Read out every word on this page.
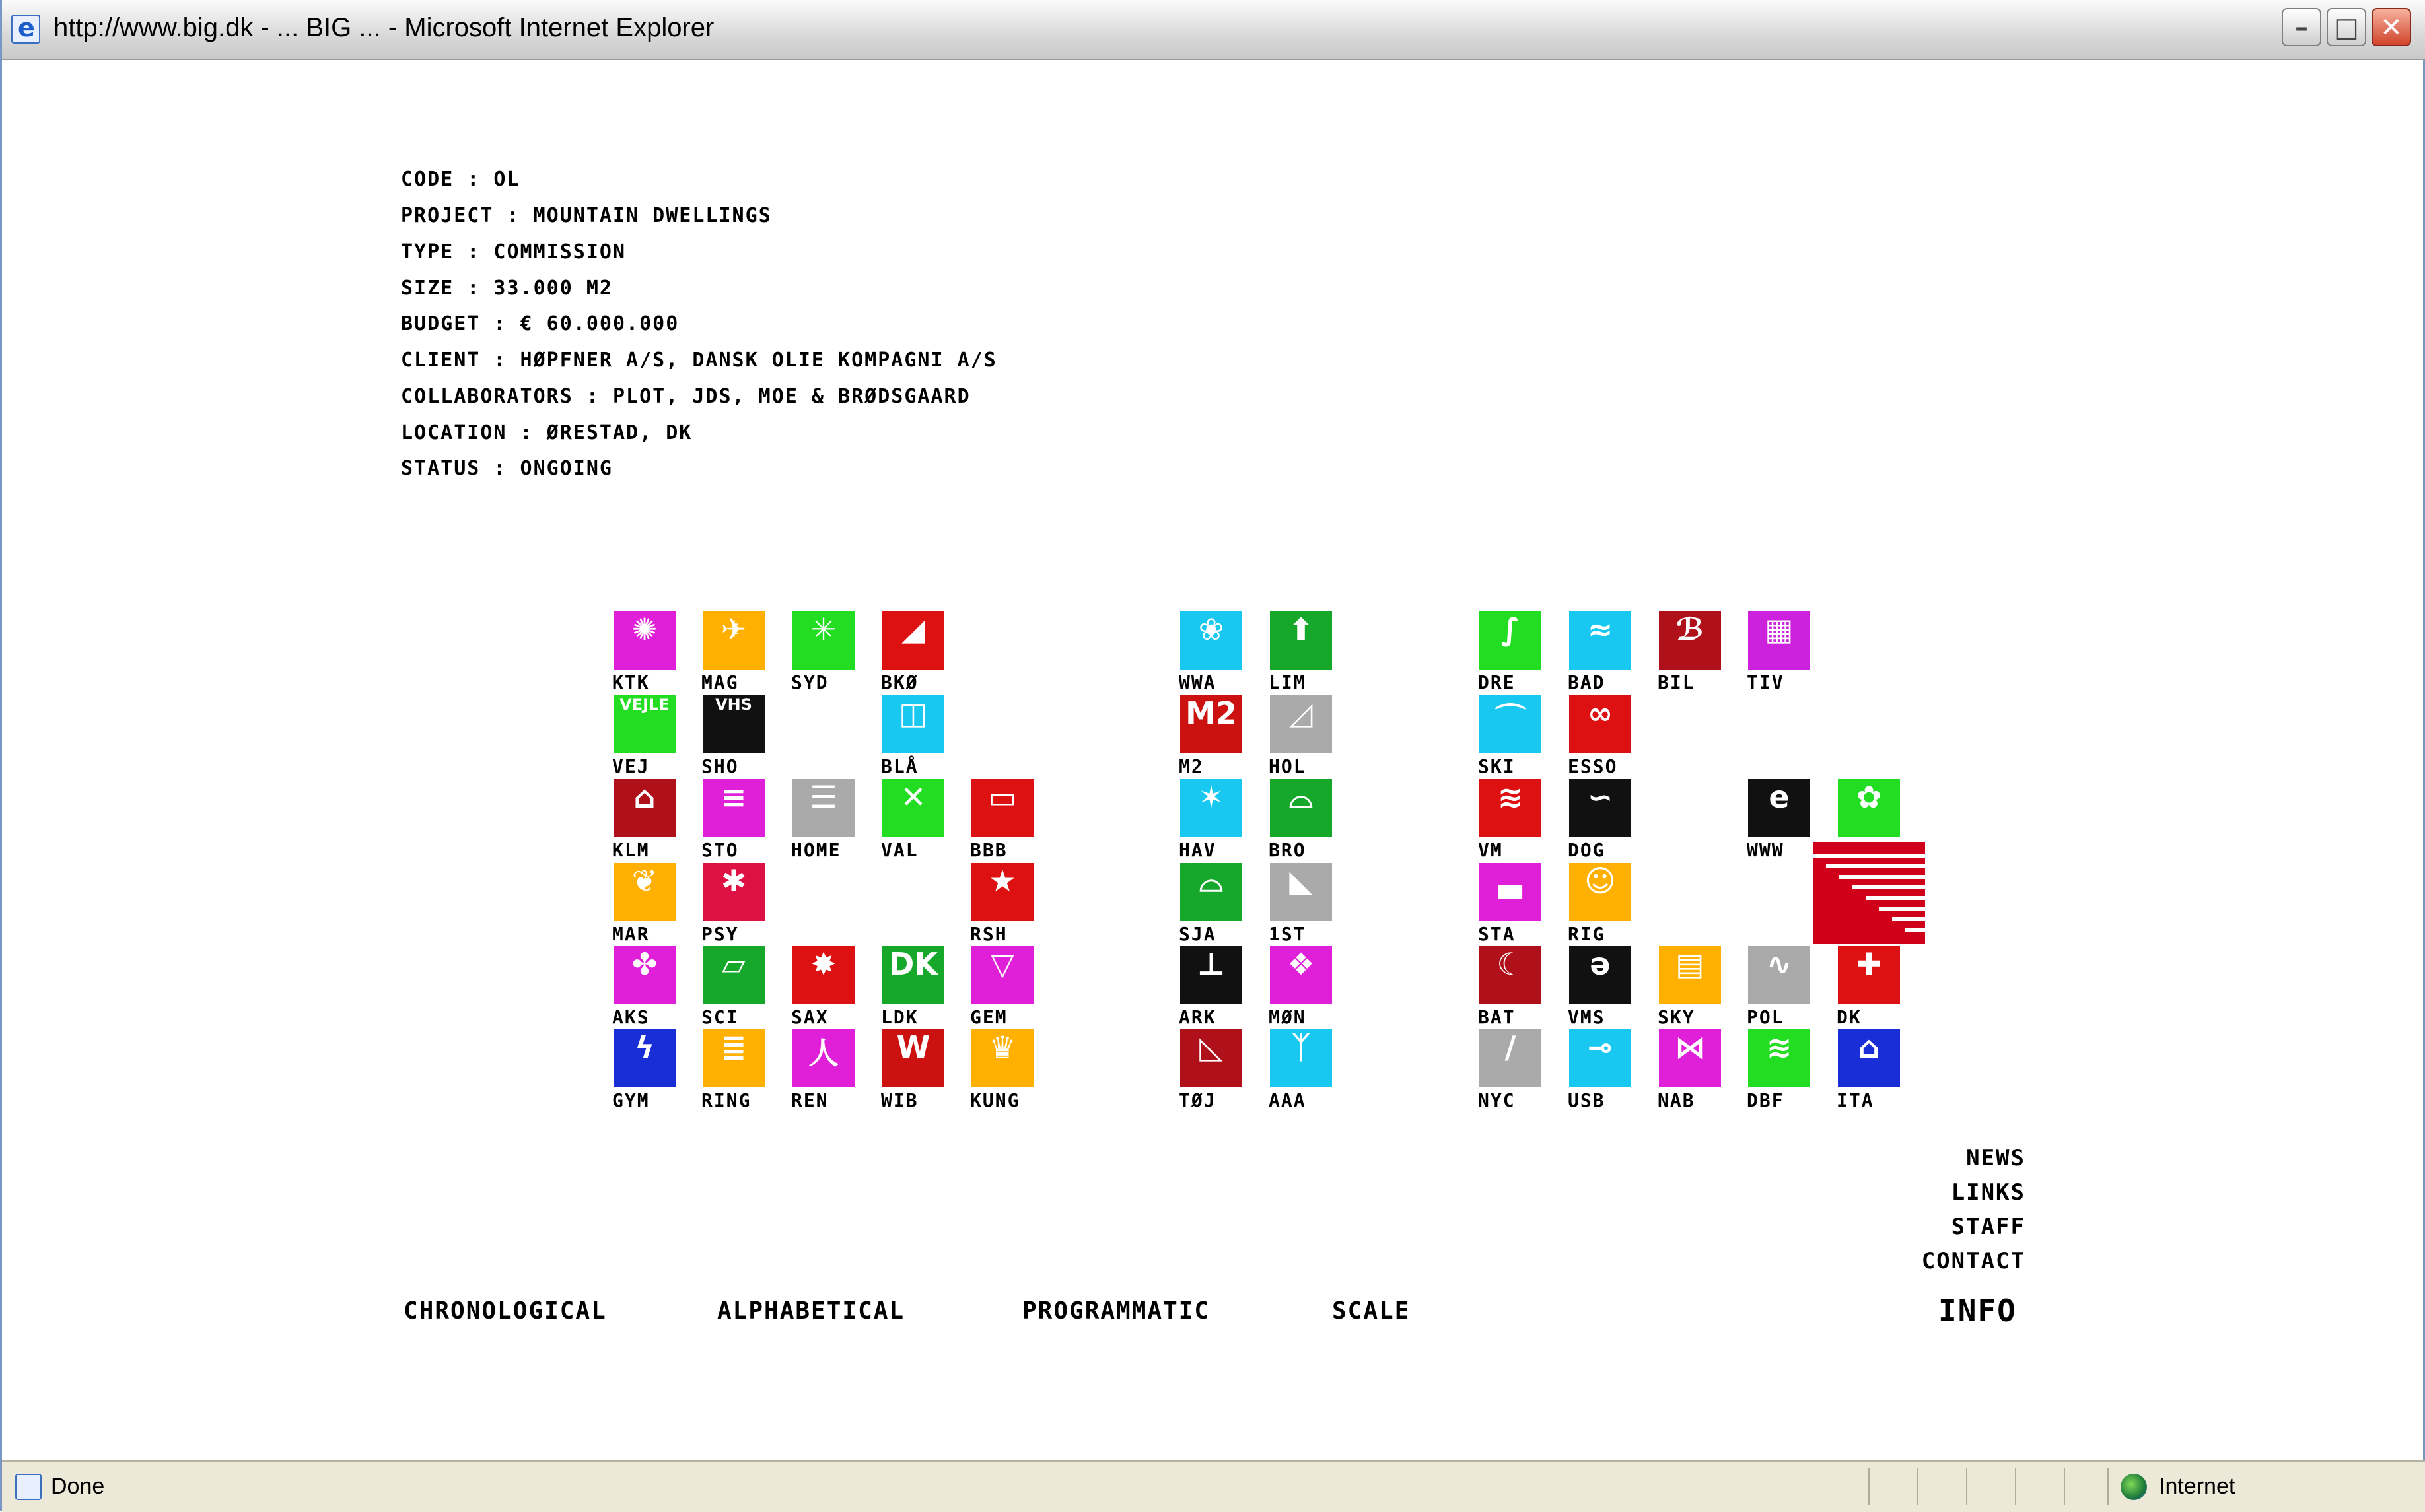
e
http://www.big.dk - ... BIG ... - Microsoft Internet Explorer	– □ ✕
CODE : OL
PROJECT : MOUNTAIN DWELLINGS
TYPE : COMMISSION
SIZE : 33.000 M2
BUDGET : € 60.000.000
CLIENT : HØPFNER A/S, DANSK OLIE KOMPAGNI A/S
COLLABORATORS : PLOT, JDS, MOE & BRØDSGAARD
LOCATION : ØRESTAD, DK
STATUS : ONGOING
✺
KTK
✈
MAG
✳
SYD
◢
BKØ
❀
WWA
⬆
LIM
∫
DRE
≈
BAD
ℬ
BIL
▦
TIV
VEJLE
VEJ
VHS
SHO
◫
BLÅ
M2
M2
◿
HOL
⌒
SKI
∞
ESSO
⌂
KLM
≡
STO
☰
HOME
✕
VAL
▭
BBB
✶
HAV
⌓
BRO
≋
VM
∽
DOG
e
WWW
✿
❦
MAR
✱
PSY
★
RSH
⌓
SJA
◣
1ST
▃
STA
☺
RIG
✤
AKS
▱
SCI
✸
SAX
DK
LDK
▽
GEM
⊥
ARK
❖
MØN
☾
BAT
ǝ
VMS
▤
SKY
∿
POL
✚
DK
ϟ
GYM
≣
RING
人
REN
W
WIB
♛
KUNG
◺
TØJ
ᛉ
AAA
/
NYC
⊸
USB
⋈
NAB
≋
DBF
⌂
ITA
NEWS
LINKS
STAFF
CONTACT
CHRONOLOGICAL	ALPHABETICAL	PROGRAMMATIC	SCALE	INFO
Done	Internet
